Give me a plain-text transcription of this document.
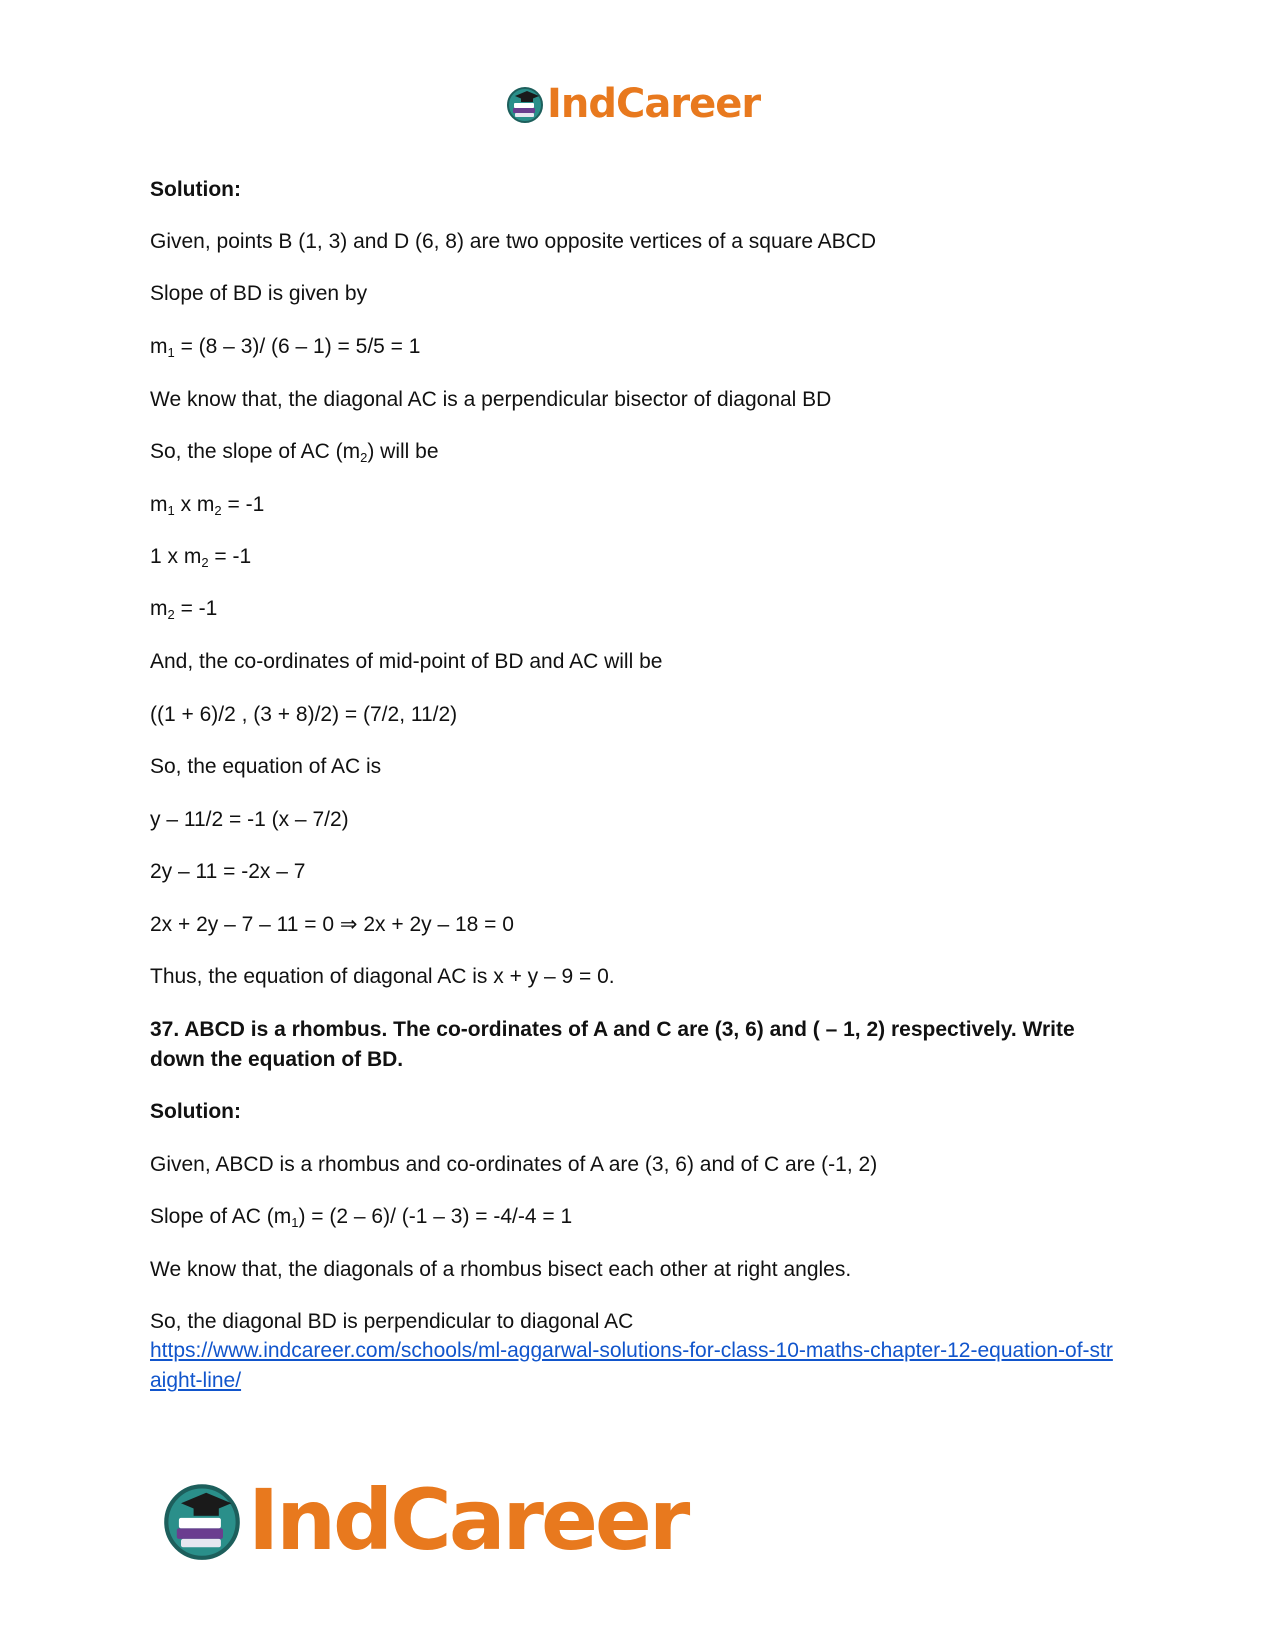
IndCareer
Solution:
Given, points B (1, 3) and D (6, 8) are two opposite vertices of a square ABCD
Slope of BD is given by
$m_1 = (8 - 3)/$ (6 – 1) = 5/5 = 1
We know that, the diagonal AC is a perpendicular bisector of diagonal BD
So, the slope of AC $(m_2)$ will be
$m_1$ x $m_2 = -1$
1 x $m_2 = -1$
$m_2 = -1$
And, the co-ordinates of mid-point of BD and AC will be
((1 + 6)/2 , (3 + 8)/2) = (7/2, 11/2)
So, the equation of AC is
y – 11/2 = -1 (x – 7/2)
2y – 11 = -2x – 7
2x + 2y – 7 – 11 = 0 ⇒ 2x + 2y – 18 = 0
Thus, the equation of diagonal AC is x + y – 9 = 0.
37. ABCD is a rhombus. The co-ordinates of A and C are (3, 6) and ( – 1, 2) respectively. Write down the equation of BD.
Solution:
Given, ABCD is a rhombus and co-ordinates of A are (3, 6) and of C are (-1, 2)
Slope of AC $(m_1) = (2 - 6)/$ (-1 – 3) = -4/-4 = 1
We know that, the diagonals of a rhombus bisect each other at right angles.
So, the diagonal BD is perpendicular to diagonal AC
https://www.indcareer.com/schools/ml-aggarwal-solutions-for-class-10-maths-chapter-12-equation-of-straight-line/
IndCareer
